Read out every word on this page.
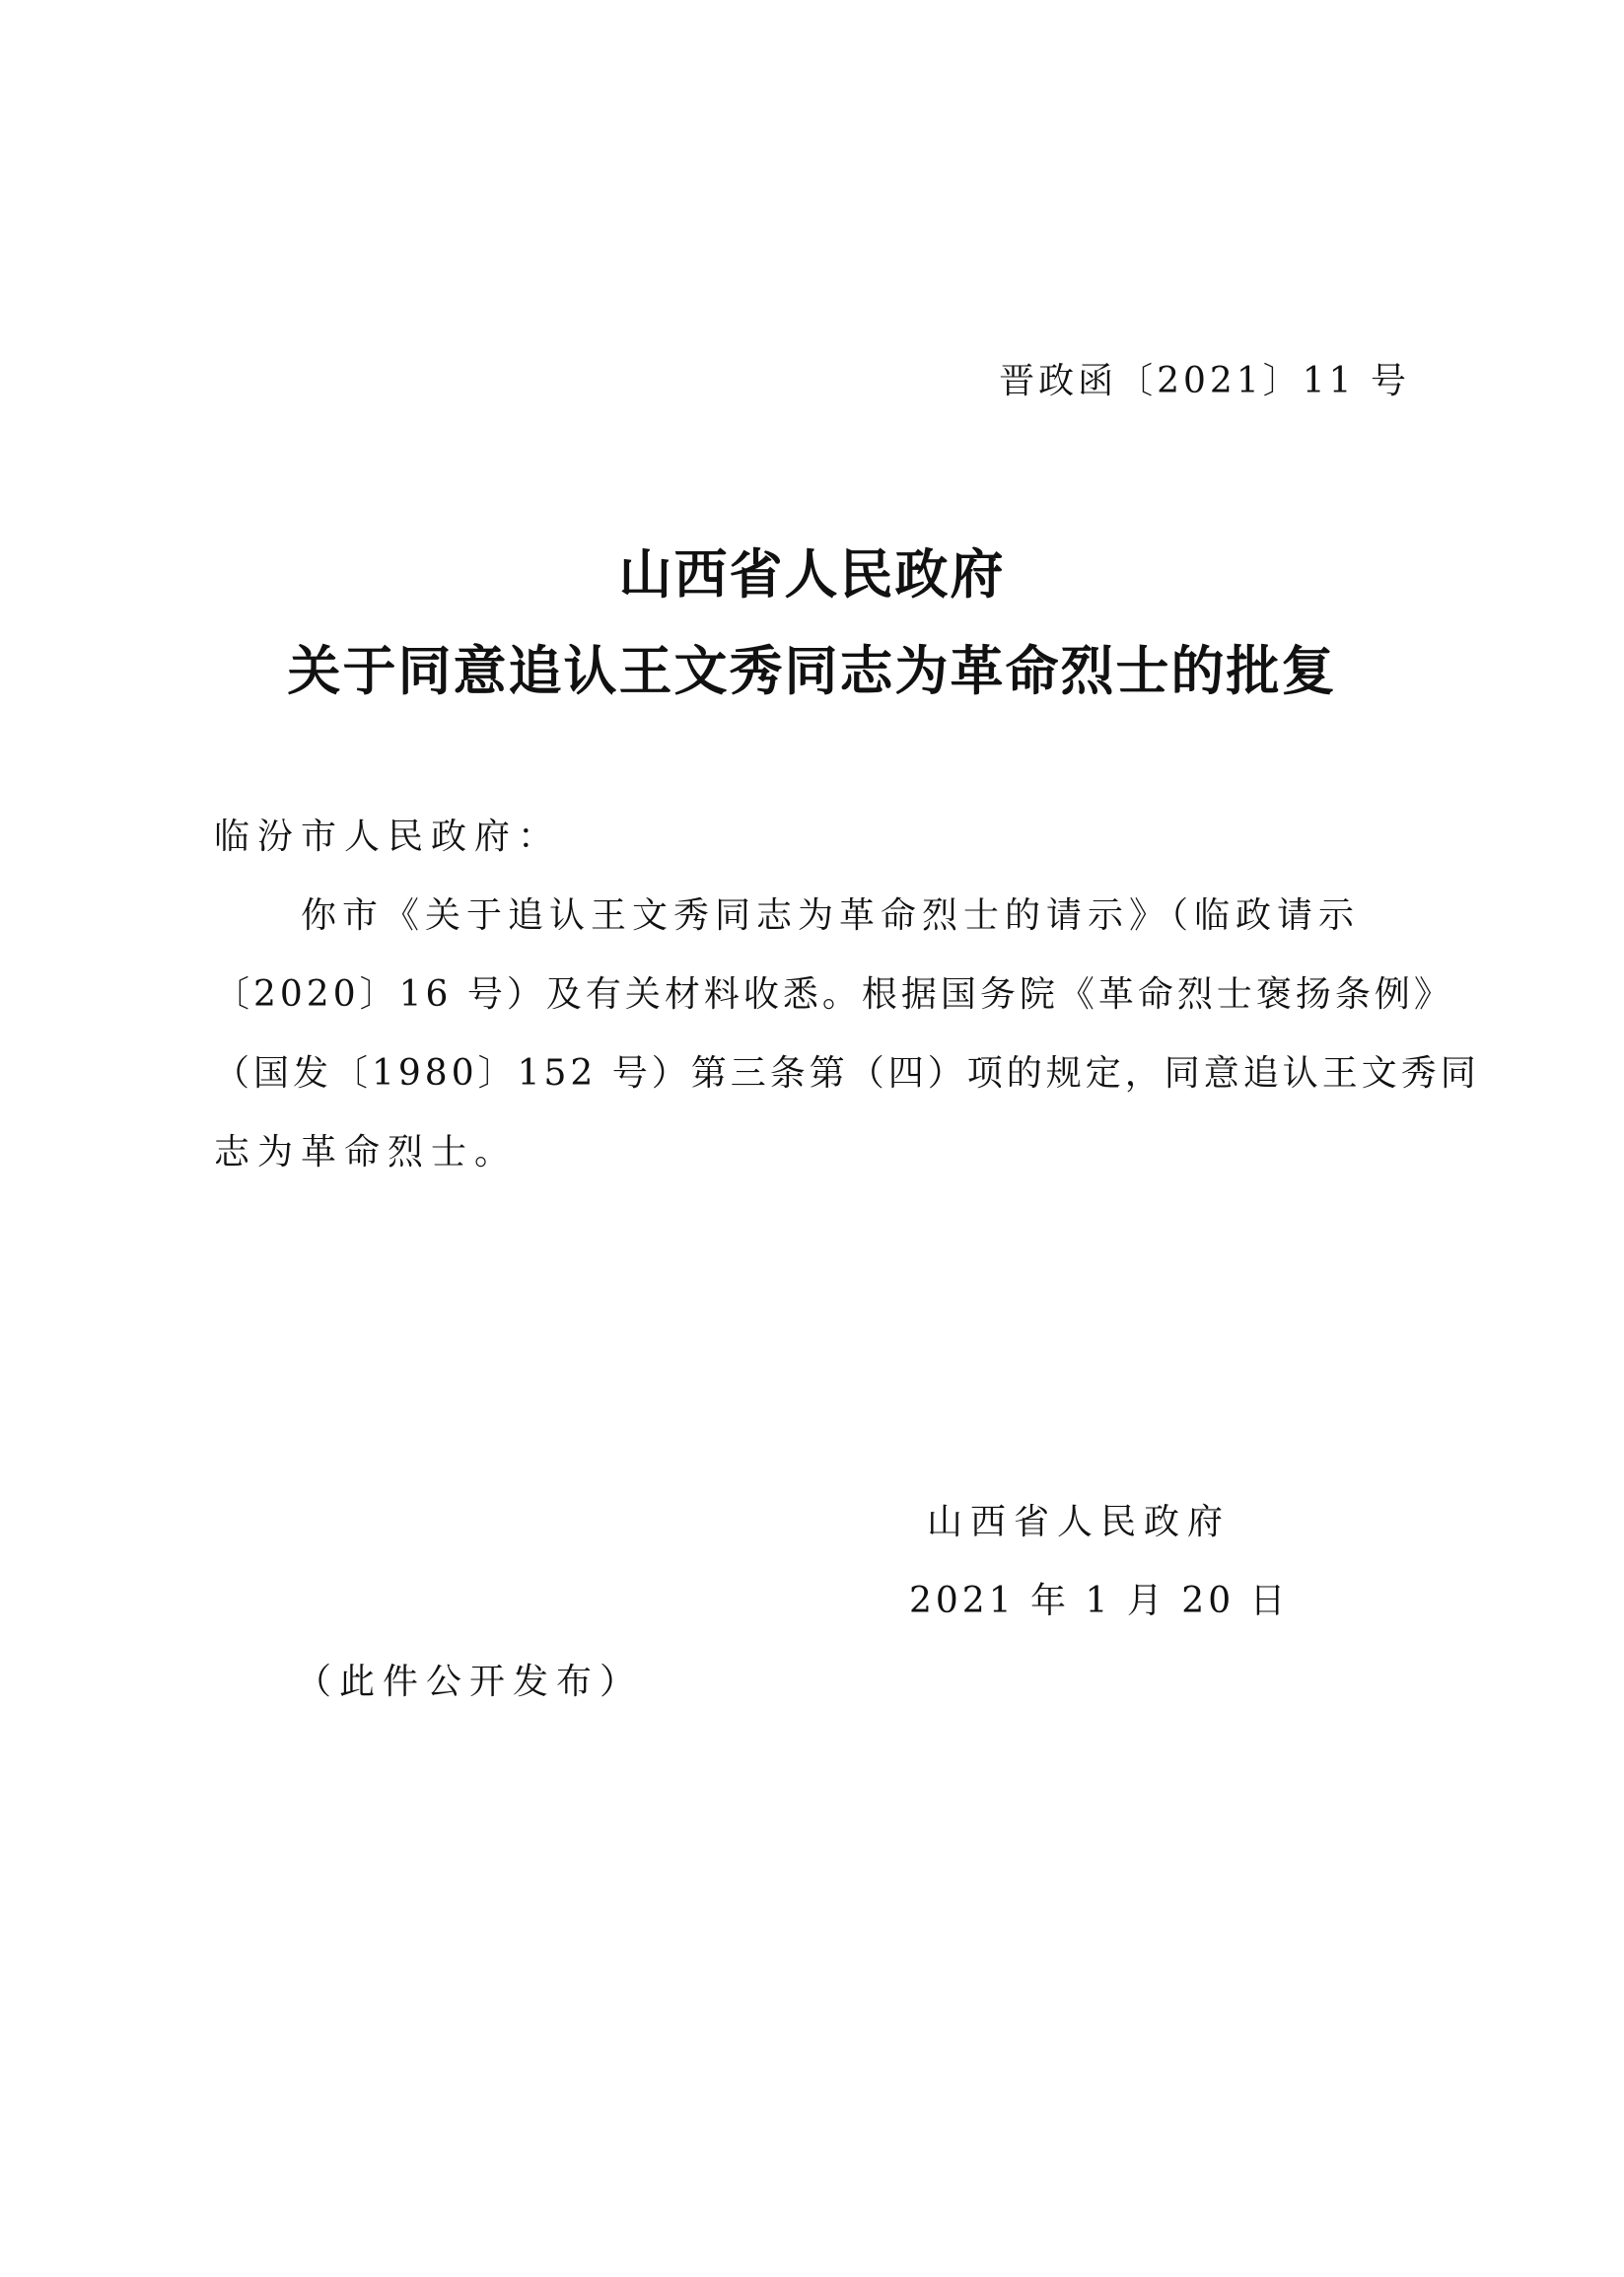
晋政函〔2021〕11 号
山西省人民政府
关于同意追认王文秀同志为革命烈士的批复
临汾市人民政府：
你市《关于追认王文秀同志为革命烈士的请示》（临政请示
〔2020〕16 号）及有关材料收悉。根据国务院《革命烈士褒扬条例》
（国发〔1980〕152 号）第三条第（四）项的规定，同意追认王文秀同
志为革命烈士。
山西省人民政府
2021 年 1 月 20 日
（此件公开发布）
